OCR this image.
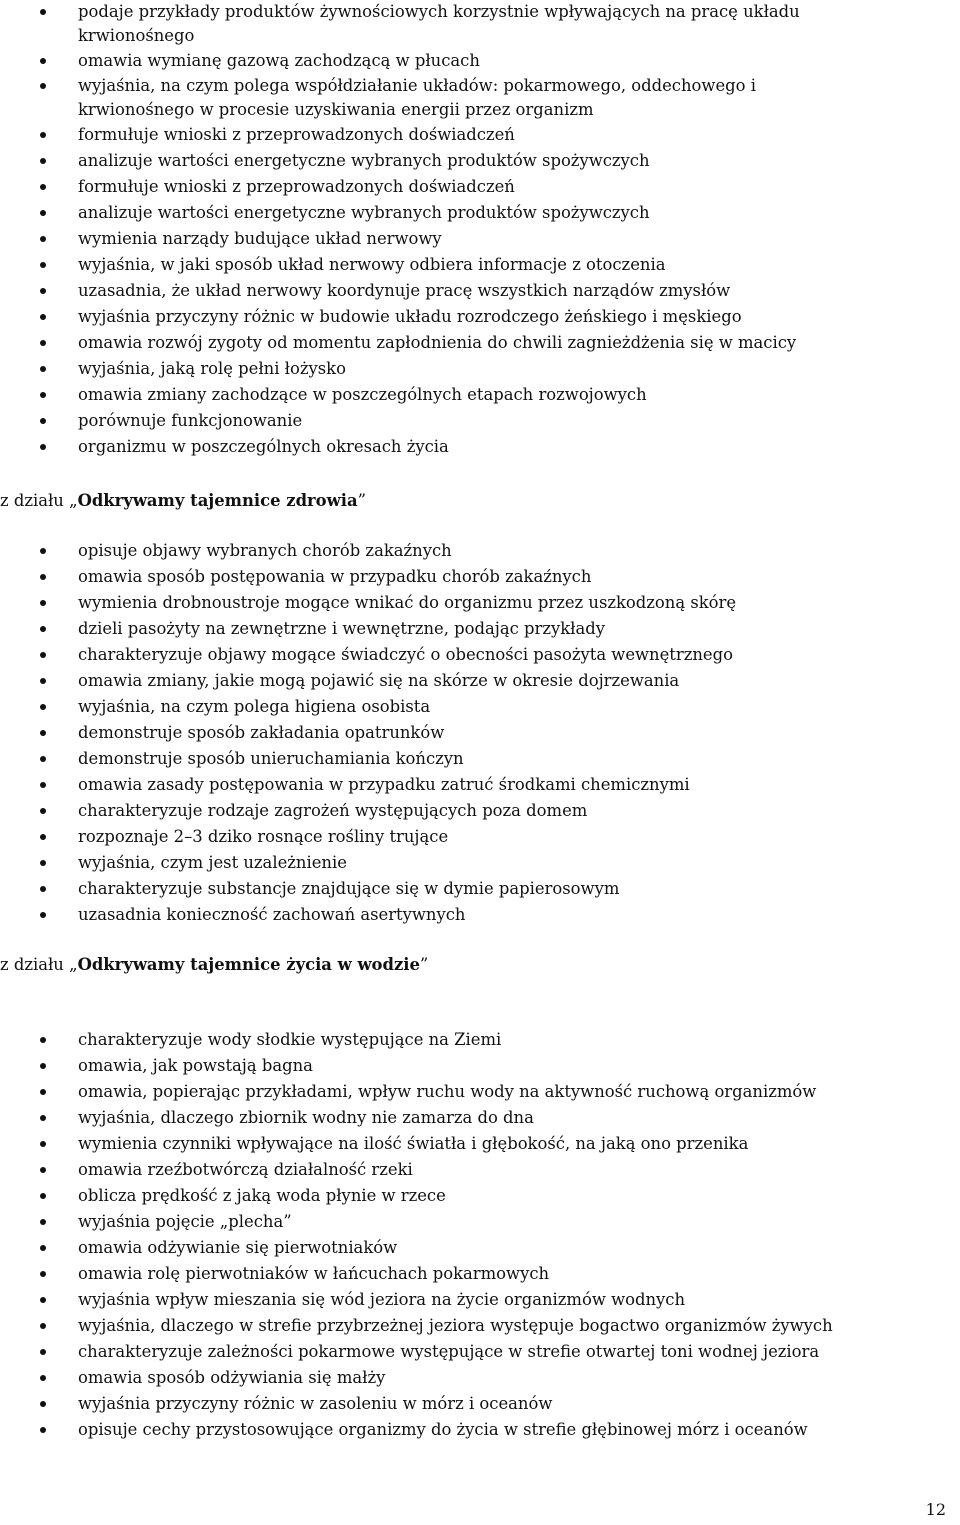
podaje przykłady produktów żywnościowych korzystnie wpływających na pracę układu krwionośnego
omawia wymianę gazową zachodzącą w płucach
wyjaśnia, na czym polega współdziałanie układów: pokarmowego, oddechowego i krwionośnego w procesie uzyskiwania energii przez organizm
formułuje wnioski z przeprowadzonych doświadczeń
analizuje wartości energetyczne wybranych produktów spożywczych
formułuje wnioski z przeprowadzonych doświadczeń
analizuje wartości energetyczne wybranych produktów spożywczych
wymienia narządy budujące układ nerwowy
wyjaśnia, w jaki sposób układ nerwowy odbiera informacje z otoczenia
uzasadnia, że układ nerwowy koordynuje pracę wszystkich narządów zmysłów
wyjaśnia przyczyny różnic w budowie układu rozrodczego żeńskiego i męskiego
omawia rozwój zygoty od momentu zapłodnienia do chwili zagnieżdżenia się w macicy
wyjaśnia, jaką rolę pełni łożysko
omawia zmiany zachodzące w poszczególnych etapach rozwojowych
porównuje funkcjonowanie
organizmu w poszczególnych okresach życia
z działu „Odkrywamy tajemnice zdrowia”
opisuje objawy wybranych chorób zakaźnych
omawia sposób postępowania w przypadku chorób zakaźnych
wymienia drobnoustroje mogące wnikać do organizmu przez uszkodzoną skórę
dzieli pasożyty na zewnętrzne i wewnętrzne, podając przykłady
charakteryzuje objawy mogące świadczyć o obecności pasożyta wewnętrznego
omawia zmiany, jakie mogą pojawić się na skórze w okresie dojrzewania
wyjaśnia, na czym polega higiena osobista
demonstruje sposób zakładania opatrunków
demonstruje sposób unieruchamiania kończyn
omawia zasady postępowania w przypadku zatruć środkami chemicznymi
charakteryzuje rodzaje zagrożeń występujących poza domem
rozpoznaje 2–3 dziko rosnące rośliny trujące
wyjaśnia, czym jest uzależnienie
charakteryzuje substancje znajdujące się w dymie papierosowym
uzasadnia konieczność zachowań asertywnych
z działu „Odkrywamy tajemnice życia w wodzie”
charakteryzuje wody słodkie występujące na Ziemi
omawia, jak powstają bagna
omawia, popierając przykładami, wpływ ruchu wody na aktywność ruchową organizmów
wyjaśnia, dlaczego zbiornik wodny nie zamarza do dna
wymienia czynniki wpływające na ilość światła i głębokość, na jaką ono przenika
omawia rzeźbotwórczą działalność rzeki
oblicza prędkość z jaką woda płynie w rzece
wyjaśnia pojęcie „plecha”
omawia odżywianie się pierwotniaków
omawia rolę pierwotniaków w łańcuchach pokarmowych
wyjaśnia wpływ mieszania się wód jeziora na życie organizmów wodnych
wyjaśnia, dlaczego w strefie przybrzeżnej jeziora występuje bogactwo organizmów żywych
charakteryzuje zależności pokarmowe występujące w strefie otwartej toni wodnej jeziora
omawia sposób odżywiania się małży
wyjaśnia przyczyny różnic w zasoleniu w mórz i oceanów
opisuje cechy przystosowujące organizmy do życia w strefie głębinowej mórz i oceanów
12
